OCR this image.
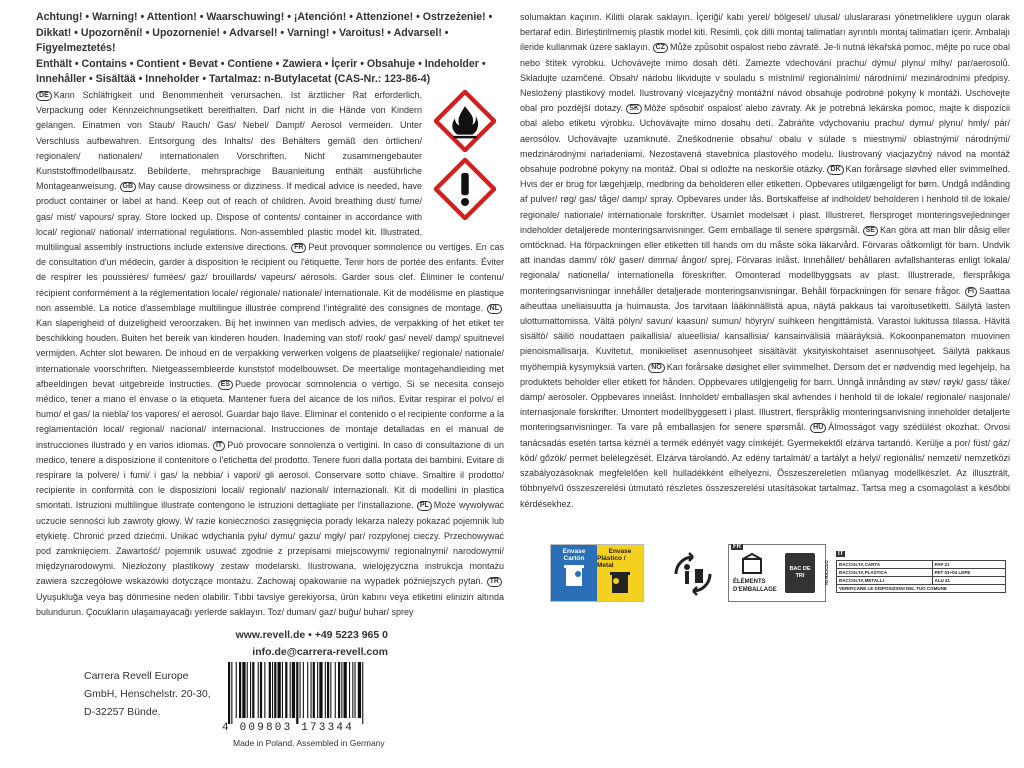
Achtung! • Warning! • Attention! • Waarschuwing! • ¡Atención! • Attenzione! • Ostrzeżenie! •

Dikkat! • Upozornění! • Upozornenie! • Advarsel! • Varning! • Varoitus! • Advarsel! • Figyelmeztetés!

Enthält • Contains • Contient • Bevat • Contiene • Zawiera • İçerir • Obsahuje • Indeholder •

Innehåller • Sisältää • Inneholder • Tartalmaz: n-Butylacetat (CAS-Nr.: 123-86-4)

DE Kann Schläfrigkeit und Benommenheit verursachen. Ist ärztlicher Rat erforderlich, Verpackung oder Kennzeichnungsetikett bereithalten. Darf nicht in die Hände von Kindern gelangen. Einatmen von Staub/ Rauch/ Gas/ Nebel/ Dampf/ Aerosol vermeiden. Unter Verschluss aufbewahren. Entsorgung des Inhalts/ des Behälters gemäß den örtlichen/ regionalen/ nationalen/ internationalen Vorschriften. Nicht zusammengebauter Kunststoffmodellbausatz. Bebilderte, mehrsprachige Bauanleitung enthält ausführliche Montageanweisung. GB May cause drowsiness or dizziness. If medical advice is needed, have product container or label at hand. Keep out of reach of children. Avoid breathing dust/ fume/ gas/ mist/ vapours/ spray. Store locked up. Dispose of contents/ container in accordance with local/ regional/ national/ international regulations. Non-assembled plastic model kit. Illustrated, multilingual assembly instructions include extensive directions. FR Peut provoquer somnolence ou vertiges. En cas de consultation d'un médecin, garder à disposition le récipient ou l'étiquette. Tenir hors de portée des enfants. Éviter de respirer les poussières/ fumées/ gaz/ brouillards/ vapeurs/ aérosols. Garder sous clef. Éliminer le contenu/ récipient conformément à la réglementation locale/ régionale/ nationale/ internationale. Kit de modélisme en plastique non assemblé. La notice d'assemblage multilingue illustrée comprend l'intégralité des consignes de montage. NLKan slaperigheid of duizeligheid veroorzaken. Bij het inwinnen van medisch advies, de verpakking of het etiket ter beschikking houden. Buiten het bereik van kinderen houden. Inademing van stof/ rook/ gas/ nevel/ damp/ spuitnevel vermijden. Achter slot bewaren. De inhoud en de verpakking verwerken volgens de plaatselijke/ regionale/ nationale/ internationale voorschriften. Nietgeassembleerde kunststof modelbouwset. De meertalige montagehandleiding met afbeeldingen bevat uitgebreide instructies. ES Puede provocar somnolencia o vértigo. Si se necesita consejo médico, tener a mano el envase o la etiqueta. Mantener fuera del alcance de los niños. Evitar respirar el polvo/ el humo/ el gas/ la niebla/ los vapores/ el aerosol. Guardar bajo llave. Eliminar el contenido o el recipiente conforme a la reglamentación local/ regional/ nacional/ internacional. Instrucciones de montaje detalladas en el manual de instrucciones ilustrado y en varios idiomas. IT Può provocare sonnolenza o vertigini. In caso di consultazione di un medico, tenere a disposizione il contenitore o l'etichetta del prodotto. Tenere fuori dalla portata dei bambini. Evitare di respirare la polvere/ i fumi/ i gas/ la nebbia/ i vapori/ gli aerosol. Conservare sotto chiave. Smaltire il prodotto/ recipiente in conformità con le disposizioni locali/ regionali/ nazionali/ internazionali. Kit di modellini in plastica smontati. Istruzioni multilingue illustrate contengono le istruzioni dettagliate per l'installazione. PL Może wywoływać uczucie senności lub zawroty głowy. W razie konieczności zasięgnięcia porady lekarza należy pokazać pojemnik lub etykietę. Chronić przed dziećmi. Unikać wdychania pyłu/ dymu/ gazu/ mgły/ par/ rozpylonej cieczy. Przechowywać pod zamknięciem. Zawartość/ pojemnik usuwać zgodnie z przepisami miejscowymi/ regionalnymi/ narodowymi/ międzynarodowymi. Niezłożony plastikowy zestaw modelarski. Ilustrowana, wielojęzyczna instrukcja montażu zawiera szczegółowe wskazówki dotyczące montażu. Zachowaj opakowanie na wypadek późniejszych pytań. TRUyuşukluğa veya baş dönmesine neden olabilir. Tıbbi tavsiye gerekiyorsa, ürün kabını veya etiketini elinizin altında bulundurun. Çocukların ulaşamayacağı yerlerde saklayın. Toz/ duman/ gaz/ buğu/ buhar/ sprey

solumaktan kaçının. Kilitli olarak saklayın. İçeriği/ kabı yerel/ bölgesel/ ulusal/ uluslararası yönetmeliklere uygun olarak bertaraf edin. Birleştirilmemiş plastik model kiti. Resimli, çok dilli montaj talimatları ayrıntılı montaj talimatları içerir. Ambalajı ileride kullanmak üzere saklayın. CZ Může způsobit ospalost nebo závratě. Je-li nutná lékařská pomoc, mějte po ruce obal nebo štítek výrobku. Uchovávejte mimo dosah dětí. Zamezte vdechování prachu/ dýmu/ plynu/ mlhy/ par/aerosolů. Skladujte uzamčené. Obsah/ nádobu likvidujte v souladu s místními/ regionálními/ národními/ mezinárodními předpisy. Nesložený plastikový model. Ilustrovaný vícejazyčný montážní návod obsahuje podrobné pokyny k montáži. Uschovejte obal pro pozdější dotazy. SK Môže spôsobiť ospalosť alebo závraty. Ak je potrebná lekárska pomoc, majte k dispozícii obal alebo etiketu výrobku. Uchovávajte mimo dosahu detí. Zabráňte vdychovaniu prachu/ dymu/ plynu/ hmly/ pár/ aerosólov. Uchovávajte uzamknuté. Zneškodnenie obsahu/ obalu v súlade s miestnymi/ oblastnými/ národnými/ medzinárodnými nariadeniami. Nezostavená stavebnica plastového modelu. Ilustrovaný viacjazyčný návod na montáž obsahuje podrobné pokyny na montáž. Obal si odložte na neskoršie otázky. DK Kan forårsage sløvhed eller svimmelhed. Hvis der er brug for lægehjælp, medbring da beholderen eller etiketten. Opbevares utilgængeligt for børn. Undgå indånding af pulver/ røg/ gas/ tåge/ damp/ spray. Opbevares under lås. Bortskaffelse af indholdet/ beholderen i henhold til de lokale/ regionale/ nationale/ internationale forskrifter. Usamlet modelsæt i plast. Illustreret, flersproget monteringsvejledninger indeholder detaljerede monteringsanvisninger. Gem emballage til senere spørgsmål. SE Kan göra att man blir dåsig eller omtöcknad. Ha förpackningen eller etiketten till hands om du måste söka läkarvård. Förvaras oåtkomligt för barn. Undvik att inandas damm/ rök/ gaser/ dimma/ ångor/ sprej. Förvaras inlåst. Innehållet/ behållaren avfallshanteras enligt lokala/ regionala/ nationella/ internationella föreskrifter. Omonterad modellbyggsats av plast. Illustrerade, flerspråkiga monteringsanvisningar innehåller detaljerade monteringsanvisningar. Behåll förpackningen för senare frågor. FI Saattaa aiheuttaa uneliaisuutta ja huimausta. Jos tarvitaan lääkinnällistä apua, näytä pakkaus tai varoitusetiketti. Säilytä lasten ulottumattomissa. Vältä pölyn/ savun/ kaasun/ sumun/ höyryn/ suihkeen hengittämistä. Varastoi lukitussa tilassa. Hävitä sisältö/ säiliö noudattaen paikallisia/ alueellisia/ kansallisia/ kansainvälisiä määräyksiä. Kokoonpanematon muovinen pienoismallisarja. Kuvitetut, monikieliset asennusohjeet sisältävät yksityiskohtaiset asennusohjeet. Säilytä pakkaus myöhempiä kysymyksiä varten. NO Kan forårsake døsighet eller svimmelhet. Dersom det er nødvendig med legehjelp, ha produktets beholder eller etikett for hånden. Oppbevares utilgjengelig for barn. Unngå innånding av støv/ røyk/ gass/ tåke/ damp/ aerosoler. Oppbevares innelåst. Innholdet/ emballasjen skal avhendes i henhold til de lokale/ regionale/ nasjonale/ internasjonale forskrifter. Umontert modellbyggesett i plast. Illustrert, flerspråklig monteringsanvisning inneholder detaljerte monteringsanvisninger. Ta vare på emballasjen for senere spørsmål. HU Álmosságot vagy szédülést okozhat. Orvosi tanácsadás esetén tartsa kéznél a termék edényét vagy címkéjét. Gyermekektől elzárva tartandó. Kerülje a por/ füst/ gáz/ köd/ gőzök/ permet belélegzését. Elzárva tárolandó. Az edény tartalmát/ a tartályt a helyi/ regionális/ nemzeti/ nemzetközi szabályozásoknak megfelelően kell hulladékként elhelyezni. Összeszereletlen műanyag modellkészlet. Az illusztrált, többnyelvű összeszerelési útmutató részletes összeszerelési utasításokat tartalmaz. Tartsa meg a csomagolást a későbbi kérdésekhez.

Envase
Cartón
Envase
Plástico / Metal
FR
ÉLÉMENTS
D'EMBALLAGE
BAC DE TRI
IT
IO RICICLO RACCOLTA CARTA	PAP 21
RACCOLTA PLASTICA	PET 01+04 LDPE
RACCOLTA METALLI	ALU 41
VERIFICARE LE DISPOSIZIONI DEL TUO COMUNE	
www.revell.de • +49 5223 965 0
info.de@carrera-revell.com
Carrera Revell Europe
GmbH, Henschelstr. 20-30,
D-32257 Bünde.
4 009803 173344
Made in Poland. Assembled in Germany
